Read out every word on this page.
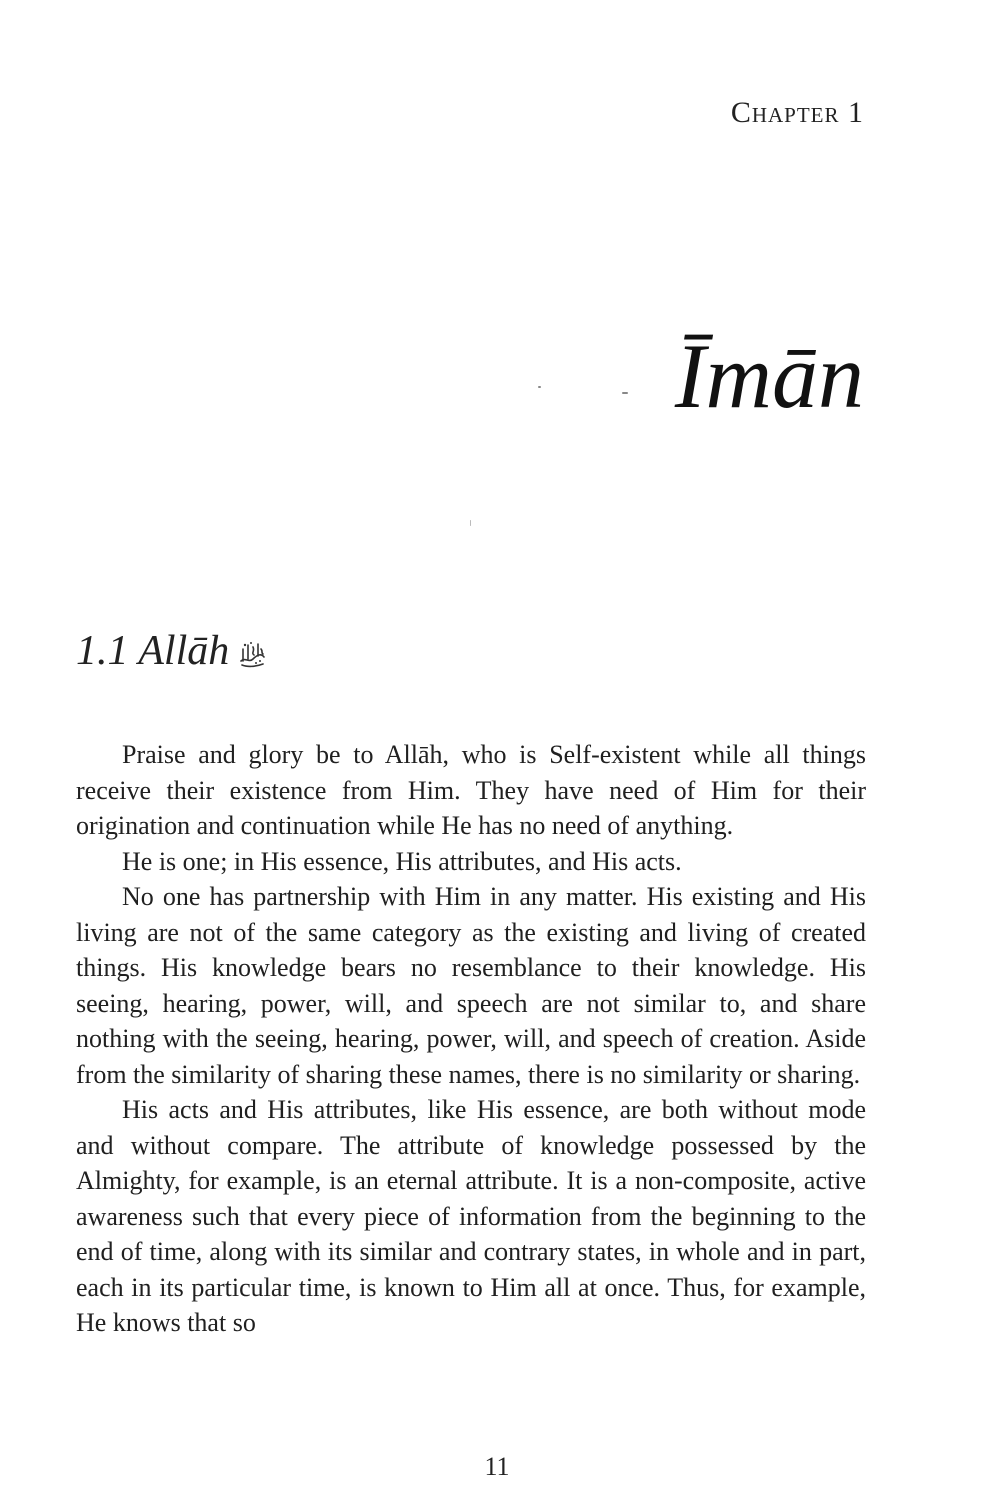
Chapter 1
Īmān
1.1 Allāh

Praise and glory be to Allāh, who is Self-existent while all things receive their existence from Him. They have need of Him for their origination and continuation while He has no need of anything.

He is one; in His essence, His attributes, and His acts.

No one has partnership with Him in any matter. His existing and His living are not of the same category as the existing and living of created things. His knowledge bears no resemblance to their knowledge. His seeing, hearing, power, will, and speech are not similar to, and share nothing with the seeing, hearing, power, will, and speech of creation. Aside from the similarity of sharing these names, there is no similarity or sharing.

His acts and His attributes, like His essence, are both without mode and without compare. The attribute of knowledge possessed by the Almighty, for example, is an eternal attribute. It is a non-composite, active awareness such that every piece of information from the beginning to the end of time, along with its similar and contrary states, in whole and in part, each in its particular time, is known to Him all at once. Thus, for example, He knows that so

11
